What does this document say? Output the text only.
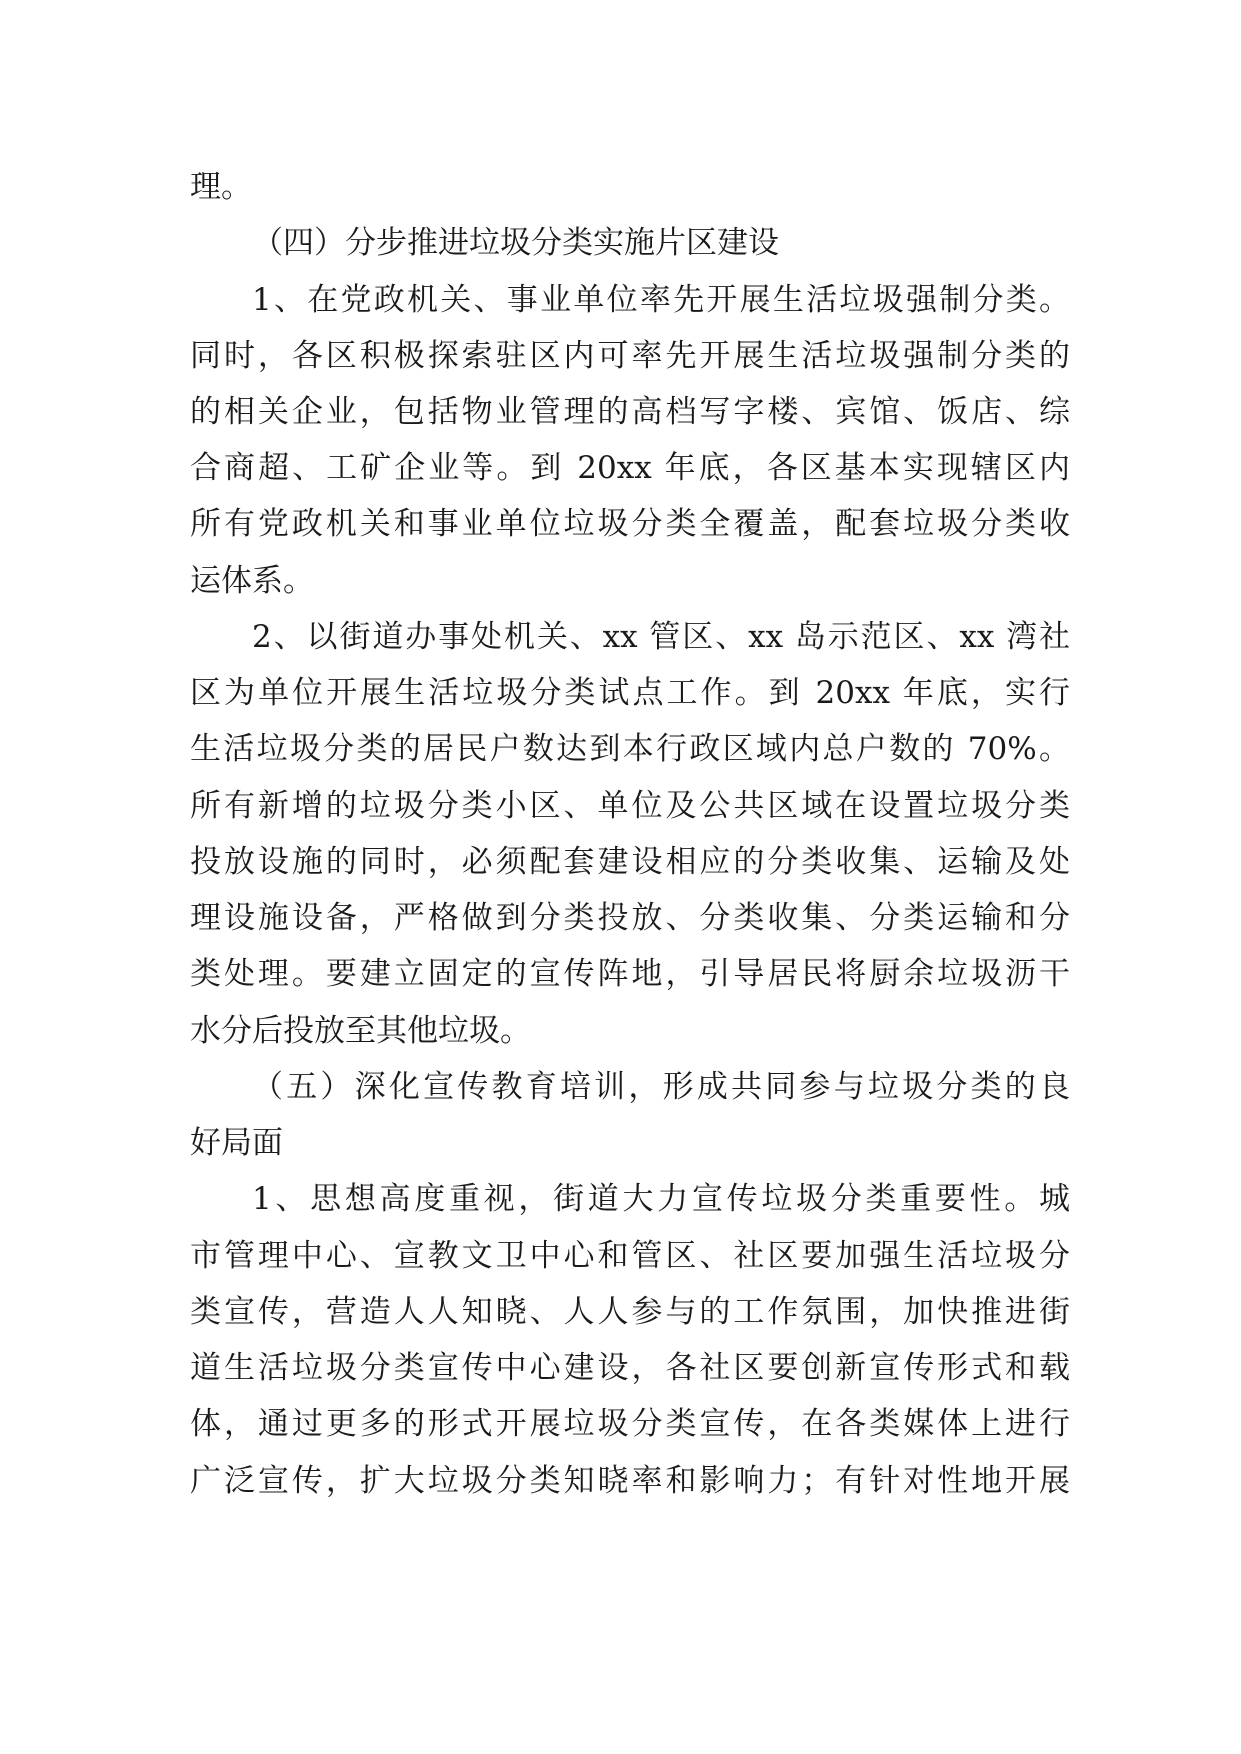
理。
（四）分步推进垃圾分类实施片区建设
1、在党政机关、事业单位率先开展生活垃圾强制分类。
同时，各区积极探索驻区内可率先开展生活垃圾强制分类的
的相关企业，包括物业管理的高档写字楼、宾馆、饭店、综
合商超、工矿企业等。到 20xx 年底，各区基本实现辖区内
所有党政机关和事业单位垃圾分类全覆盖，配套垃圾分类收
运体系。
2、以街道办事处机关、xx 管区、xx 岛示范区、xx 湾社
区为单位开展生活垃圾分类试点工作。到 20xx 年底，实行
生活垃圾分类的居民户数达到本行政区域内总户数的 70%。
所有新增的垃圾分类小区、单位及公共区域在设置垃圾分类
投放设施的同时，必须配套建设相应的分类收集、运输及处
理设施设备，严格做到分类投放、分类收集、分类运输和分
类处理。要建立固定的宣传阵地，引导居民将厨余垃圾沥干
水分后投放至其他垃圾。
（五）深化宣传教育培训，形成共同参与垃圾分类的良
好局面
1、思想高度重视，街道大力宣传垃圾分类重要性。城
市管理中心、宣教文卫中心和管区、社区要加强生活垃圾分
类宣传，营造人人知晓、人人参与的工作氛围，加快推进街
道生活垃圾分类宣传中心建设，各社区要创新宣传形式和载
体，通过更多的形式开展垃圾分类宣传，在各类媒体上进行
广泛宣传，扩大垃圾分类知晓率和影响力；有针对性地开展
